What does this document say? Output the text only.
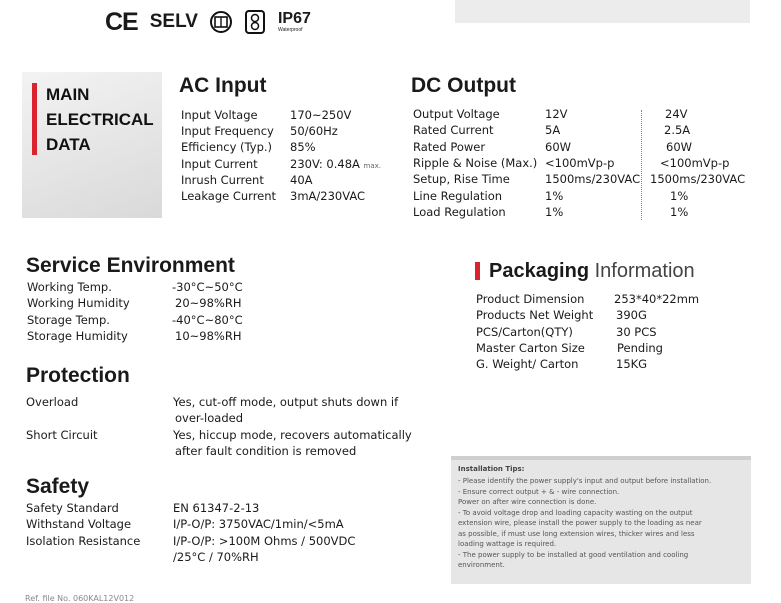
CE SELV	IP67
Waterproof
MAIN
ELECTRICAL
DATA
AC Input
Input Voltage	170~250V
Input Frequency 50/60Hz
Efficiency (Typ.) 85%
Input Current	230V: 0.48A max.
Inrush Current 40A
Leakage Current 3mA/230VAC
DC Output
Output Voltage	12V	24V
Rated Current	5A	2.5A
Rated Power	60W	60W
Ripple & Noise (Max.) <100mVp-p	<100mVp-p
Setup, Rise Time	1500ms/230VAC 1500ms/230VAC
Line Regulation	1%	1%
Load Regulation	1%	1%
Service Environment
Working Temp.	-30°C~50°C
Working Humidity	20~98%RH
Storage Temp.	-40°C~80°C
Storage Humidity	10~98%RH
Packaging Information
Product Dimension	253*40*22mm
Products Net Weight 390G
PCS/Carton(QTY)	30 PCS
Master Carton Size	Pending
G. Weight/ Carton	15KG
Protection
Overload	Yes, cut-off mode, output shuts down if
over-loaded
Short Circuit	Yes, hiccup mode, recovers automatically
after fault condition is removed
Safety
Safety Standard	EN 61347-2-13
Withstand Voltage	I/P-O/P: 3750VAC/1min/<5mA
Isolation Resistance	I/P-O/P: >100M Ohms / 500VDC
/25°C / 70%RH
Installation Tips:
- Please identify the power supply's input and output before installation.
- Ensure correct output + & - wire connection.
Power on after wire connection is done.
- To avoid voltage drop and loading capacity wasting on the output
extension wire, please install the power supply to the loading as near
as possible, if must use long extension wires, thicker wires and less
loading wattage is required.
- The power supply to be installed at good ventilation and cooling
environment.
Ref. file No. 060KAL12V012
